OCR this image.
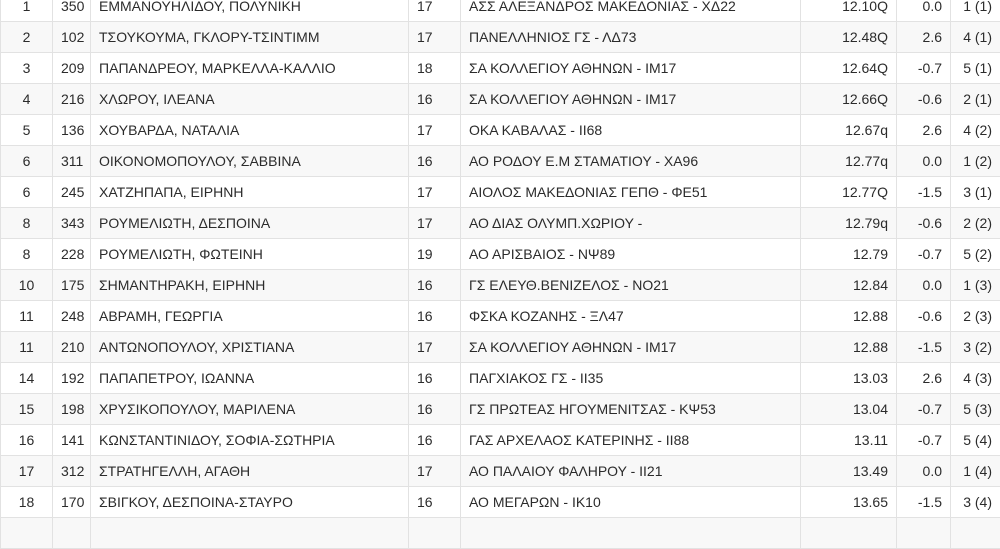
1	350	ΕΜΜΑΝΟΥΗΛΙΔΟΥ, ΠΟΛΥΝΙΚΗ	17	ΑΣΣ ΑΛΕΞΑΝΔΡΟΣ ΜΑΚΕΔΟΝΙΑΣ - ΧΔ22	12.10Q	0.0	1 (1)
2	102	ΤΣΟΥΚΟΥΜΑ, ΓΚΛΟΡΥ-ΤΣΙΝΤΙΜΜ	17	ΠΑΝΕΛΛΗΝΙΟΣ ΓΣ - ΛΔ73	12.48Q	2.6	4 (1)
3	209	ΠΑΠΑΝΔΡΕΟΥ, ΜΑΡΚΕΛΛΑ-ΚΑΛΛΙΟ	18	ΣΑ ΚΟΛΛΕΓΙΟΥ ΑΘΗΝΩΝ - ΙΜ17	12.64Q	-0.7	5 (1)
4	216	ΧΛΩΡΟΥ, ΙΛΕΑΝΑ	16	ΣΑ ΚΟΛΛΕΓΙΟΥ ΑΘΗΝΩΝ - ΙΜ17	12.66Q	-0.6	2 (1)
5	136	ΧΟΥΒΑΡΔΑ, ΝΑΤΑΛΙΑ	17	ΟΚΑ ΚΑΒΑΛΑΣ - ΙΙ68	12.67q	2.6	4 (2)
6	311	ΟΙΚΟΝΟΜΟΠΟΥΛΟΥ, ΣΑΒΒΙΝΑ	16	ΑΟ ΡΟΔΟΥ Ε.Μ ΣΤΑΜΑΤΙΟΥ - ΧΑ96	12.77q	0.0	1 (2)
6	245	ΧΑΤΖΗΠΑΠΑ, ΕΙΡΗΝΗ	17	ΑΙΟΛΟΣ ΜΑΚΕΔΟΝΙΑΣ ΓΕΠΘ - ΦΕ51	12.77Q	-1.5	3 (1)
8	343	ΡΟΥΜΕΛΙΩΤΗ, ΔΕΣΠΟΙΝΑ	17	ΑΟ ΔΙΑΣ ΟΛΥΜΠ.ΧΩΡΙΟΥ -	12.79q	-0.6	2 (2)
8	228	ΡΟΥΜΕΛΙΩΤΗ, ΦΩΤΕΙΝΗ	19	ΑΟ ΑΡΙΣΒΑΙΟΣ - ΝΨ89	12.79	-0.7	5 (2)
10	175	ΣΗΜΑΝΤΗΡΑΚΗ, ΕΙΡΗΝΗ	16	ΓΣ ΕΛΕΥΘ.ΒΕΝΙΖΕΛΟΣ - ΝΟ21	12.84	0.0	1 (3)
11	248	ΑΒΡΑΜΗ, ΓΕΩΡΓΙΑ	16	ΦΣΚΑ ΚΟΖΑΝΗΣ - ΞΛ47	12.88	-0.6	2 (3)
11	210	ΑΝΤΩΝΟΠΟΥΛΟΥ, ΧΡΙΣΤΙΑΝΑ	17	ΣΑ ΚΟΛΛΕΓΙΟΥ ΑΘΗΝΩΝ - ΙΜ17	12.88	-1.5	3 (2)
14	192	ΠΑΠΑΠΕΤΡΟΥ, ΙΩΑΝΝΑ	16	ΠΑΓΧΙΑΚΟΣ ΓΣ - ΙΙ35	13.03	2.6	4 (3)
15	198	ΧΡΥΣΙΚΟΠΟΥΛΟΥ, ΜΑΡΙΛΕΝΑ	16	ΓΣ ΠΡΩΤΕΑΣ ΗΓΟΥΜΕΝΙΤΣΑΣ - ΚΨ53	13.04	-0.7	5 (3)
16	141	ΚΩΝΣΤΑΝΤΙΝΙΔΟΥ, ΣΟΦΙΑ-ΣΩΤΗΡΙΑ	16	ΓΑΣ ΑΡΧΕΛΑΟΣ ΚΑΤΕΡΙΝΗΣ - ΙΙ88	13.11	-0.7	5 (4)
17	312	ΣΤΡΑΤΗΓΕΛΛΗ, ΑΓΑΘΗ	17	ΑΟ ΠΑΛΑΙΟΥ ΦΑΛΗΡΟΥ - ΙΙ21	13.49	0.0	1 (4)
18	170	ΣΒΙΓΚΟΥ, ΔΕΣΠΟΙΝΑ-ΣΤΑΥΡΟ	16	ΑΟ ΜΕΓΑΡΩΝ - ΙΚ10	13.65	-1.5	3 (4)
